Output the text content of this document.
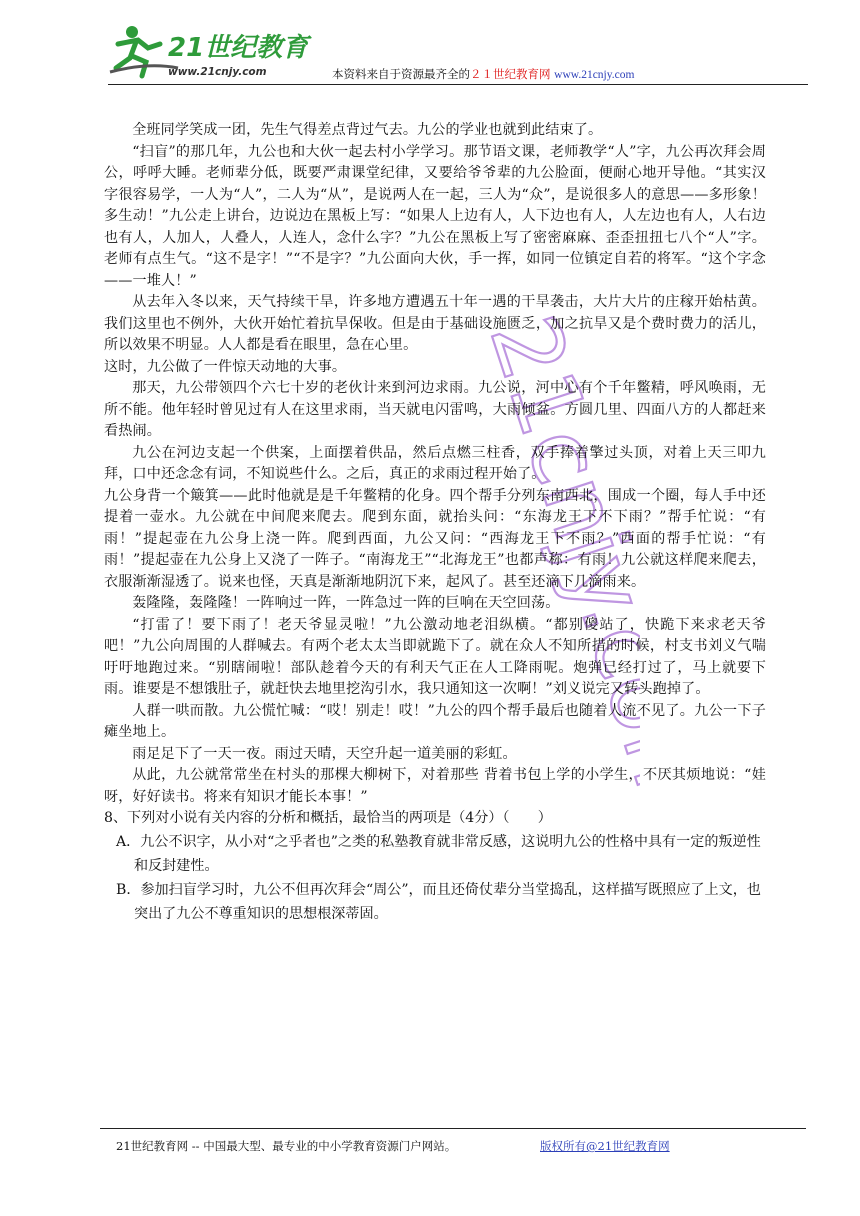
21世纪教育
www.21cnjy.com	本资料来自于资源最齐全的２１世纪教育网 www.21cnjy.com
21cnjy.com

全班同学笑成一团，先生气得差点背过气去。九公的学业也就到此结束了。

“扫盲”的那几年，九公也和大伙一起去村小学学习。那节语文课，老师教学“人”字，九公再次拜会周公，呼呼大睡。老师辈分低，既要严肃课堂纪律，又要给爷爷辈的九公脸面，便耐心地开导他。“其实汉字很容易学，一人为“人”，二人为“从”，是说两人在一起，三人为“众”，是说很多人的意思——多形象！多生动！”九公走上讲台，边说边在黑板上写：“如果人上边有人，人下边也有人，人左边也有人，人右边也有人，人加人，人叠人，人连人，念什么字？”九公在黑板上写了密密麻麻、歪歪扭扭七八个“人”字。老师有点生气。“这不是字！”“不是字？”九公面向大伙，手一挥，如同一位镇定自若的将军。“这个字念——一堆人！”

从去年入冬以来，天气持续干旱，许多地方遭遇五十年一遇的干旱袭击，大片大片的庄稼开始枯黄。我们这里也不例外，大伙开始忙着抗旱保收。但是由于基础设施匮乏，加之抗旱又是个费时费力的活儿，所以效果不明显。人人都是看在眼里，急在心里。

这时，九公做了一件惊天动地的大事。

那天，九公带领四个六七十岁的老伙计来到河边求雨。九公说，河中心有个千年鳖精，呼风唤雨，无所不能。他年轻时曾见过有人在这里求雨，当天就电闪雷鸣，大雨倾盆。方圆几里、四面八方的人都赶来看热闹。

九公在河边支起一个供案，上面摆着供品，然后点燃三柱香，双手捧着擎过头顶，对着上天三叩九拜，口中还念念有词，不知说些什么。之后，真正的求雨过程开始了。

九公身背一个簸箕——此时他就是是千年鳖精的化身。四个帮手分列东南西北，围成一个圈，每人手中还提着一壶水。九公就在中间爬来爬去。爬到东面，就抬头问：“东海龙王下不下雨？”帮手忙说：“有雨！”提起壶在九公身上浇一阵。爬到西面，九公又问：“西海龙王下不雨？”西面的帮手忙说：“有雨！”提起壶在九公身上又浇了一阵子。“南海龙王”“北海龙王”也都声称：有雨！九公就这样爬来爬去，衣服渐渐湿透了。说来也怪，天真是渐渐地阴沉下来，起风了。甚至还滴下几滴雨来。

轰隆隆，轰隆隆！一阵响过一阵，一阵急过一阵的巨响在天空回荡。

“打雷了！要下雨了！老天爷显灵啦！”九公激动地老泪纵横。“都别傻站了，快跪下来求老天爷吧！”九公向周围的人群喊去。有两个老太太当即就跪下了。就在众人不知所措的时候，村支书刘义气喘吁吁地跑过来。“别瞎闹啦！部队趁着今天的有利天气正在人工降雨呢。炮弹已经打过了，马上就要下雨。谁要是不想饿肚子，就赶快去地里挖沟引水，我只通知这一次啊！”刘义说完又转头跑掉了。

人群一哄而散。九公慌忙喊：“哎！别走！哎！”九公的四个帮手最后也随着人流不见了。九公一下子瘫坐地上。

雨足足下了一天一夜。雨过天晴，天空升起一道美丽的彩虹。

从此，九公就常常坐在村头的那棵大柳树下，对着那些 背着书包上学的小学生，不厌其烦地说：“娃呀，好好读书。将来有知识才能长本事！”

8、下列对小说有关内容的分析和概括，最恰当的两项是（4分）（　　）

A．九公不识字，从小对“之乎者也”之类的私塾教育就非常反感，这说明九公的性格中具有一定的叛逆性和反封建性。

B．参加扫盲学习时，九公不但再次拜会“周公”，而且还倚仗辈分当堂捣乱，这样描写既照应了上文，也突出了九公不尊重知识的思想根深蒂固。

21世纪教育网 -- 中国最大型、最专业的中小学教育资源门户网站。	版权所有@21世纪教育网
